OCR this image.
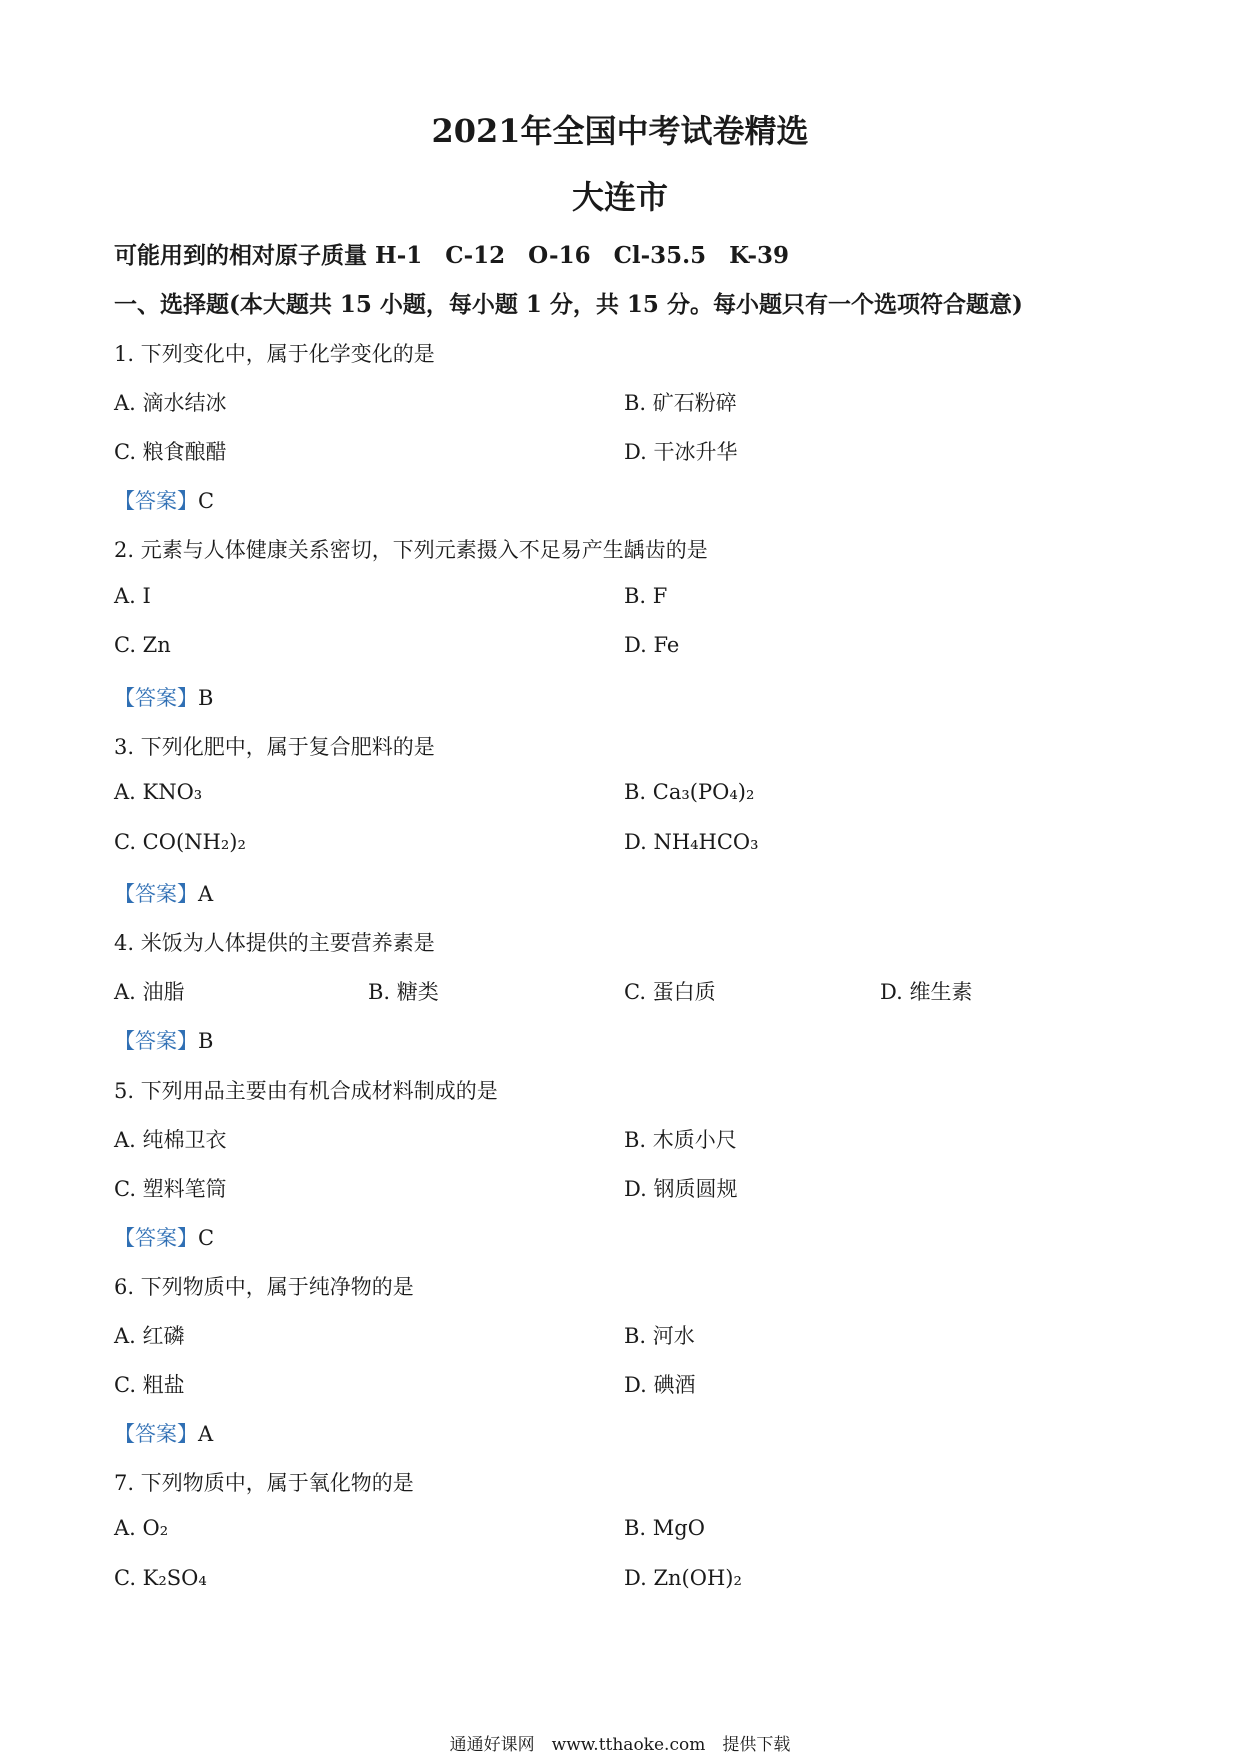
2021年全国中考试卷精选
大连市
可能用到的相对原子质量 H-1　C-12　O-16　Cl-35.5　K-39
一、选择题(本大题共 15 小题，每小题 1 分，共 15 分。每小题只有一个选项符合题意)
1. 下列变化中，属于化学变化的是
A. 滴水结冰	B. 矿石粉碎
C. 粮食酿醋	D. 干冰升华
【答案】C
2. 元素与人体健康关系密切，下列元素摄入不足易产生龋齿的是
A. I	B. F
C. Zn	D. Fe
【答案】B
3. 下列化肥中，属于复合肥料的是
A. KNO₃	B. Ca₃(PO₄)₂
C. CO(NH₂)₂	D. NH₄HCO₃
【答案】A
4. 米饭为人体提供的主要营养素是
A. 油脂	B. 糖类	C. 蛋白质	D. 维生素
【答案】B
5. 下列用品主要由有机合成材料制成的是
A. 纯棉卫衣	B. 木质小尺
C. 塑料笔筒	D. 钢质圆规
【答案】C
6. 下列物质中，属于纯净物的是
A. 红磷	B. 河水
C. 粗盐	D. 碘酒
【答案】A
7. 下列物质中，属于氧化物的是
A. O₂	B. MgO
C. K₂SO₄	D. Zn(OH)₂
通通好课网　www.tthaoke.com　提供下载
